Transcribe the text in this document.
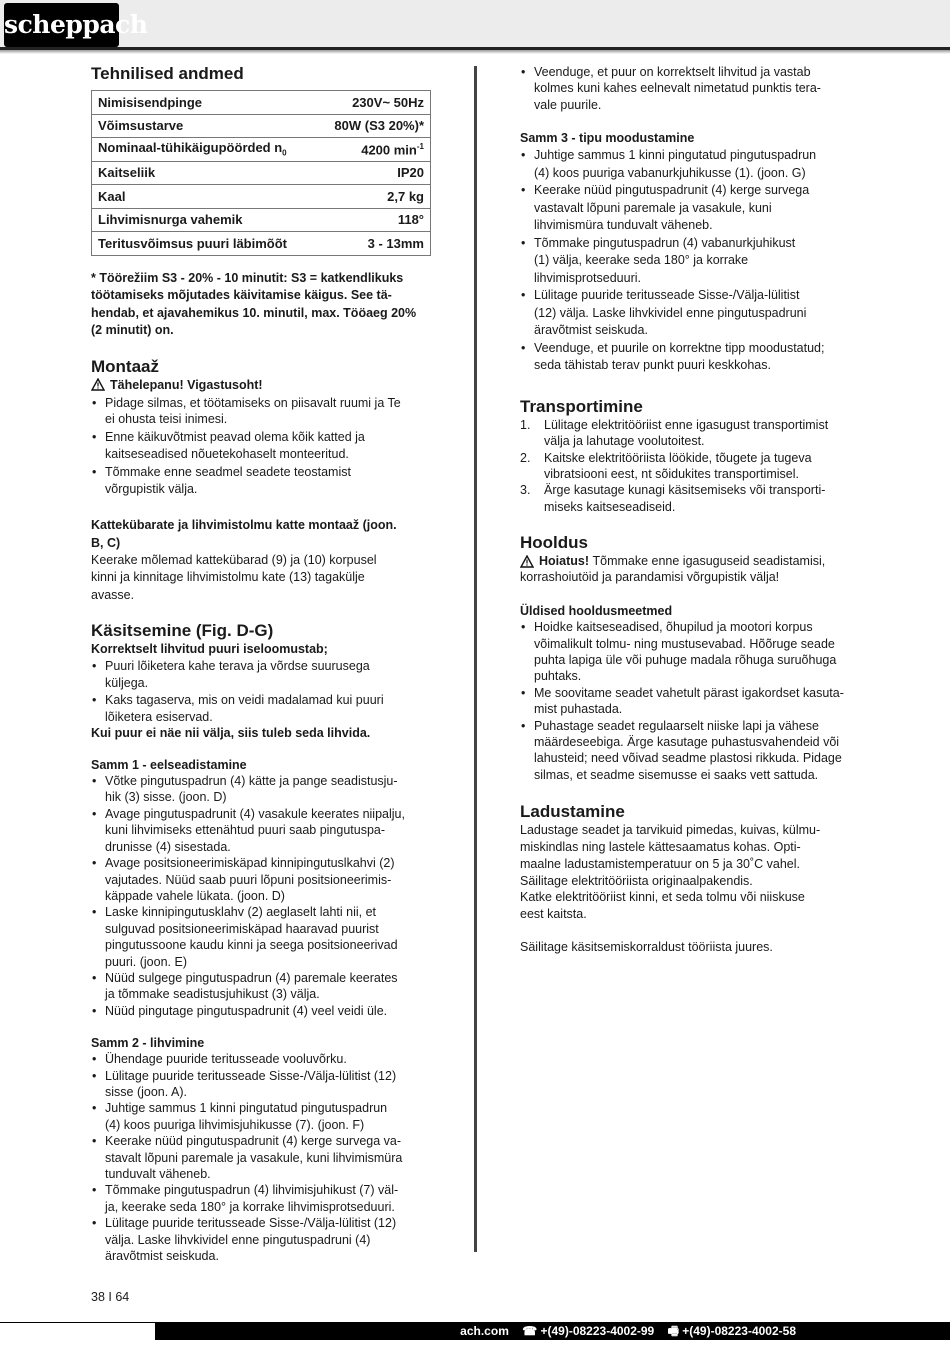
scheppach
Tehnilised andmed
Nimisisendpinge	230V~ 50Hz
Võimsustarve	80W (S3 20%)*
Nominaal-tühikäigupöörded $n_0$	4200 $\min^{-1}$
Kaitseliik	IP20
Kaal	2,7 kg
Lihvimisnurga vahemik	118°
Teritusvõimsus puuri läbimõõt	3 - 13mm
* Töörežiim S3 - 20% - 10 minutit: S3 = katkendlikuks
töötamiseks mõjutades käivitamise käigus. See tä-
hendab, et ajavahemikus 10. minutil, max. Tööaeg 20%
(2 minutit) on.
Montaaž
Tähelepanu! Vigastusoht!
• Pidage silmas, et töötamiseks on piisavalt ruumi ja Te
ei ohusta teisi inimesi.
• Enne käikuvõtmist peavad olema kõik katted ja
kaitseseadised nõuetekohaselt monteeritud.
• Tõmmake enne seadmel seadete teostamist
võrgupistik välja.
Kattekübarate ja lihvimistolmu katte montaaž (joon.
B, C)

Keerake mõlemad kattekübarad (9) ja (10) korpusel
kinni ja kinnitage lihvimistolmu kate (13) tagakülje
avasse.

Käsitsemine (Fig. D-G)
Korrektselt lihvitud puuri iseloomustab;
• Puuri lõiketera kahe terava ja võrdse suurusega
küljega.
• Kaks tagaserva, mis on veidi madalamad kui puuri
lõiketera esiservad.
Kui puur ei näe nii välja, siis tuleb seda lihvida.
Samm 1 - eelseadistamine
• Võtke pingutuspadrun (4) kätte ja pange seadistusju-
hik (3) sisse. (joon. D)
• Avage pingutuspadrunit (4) vasakule keerates niipalju,
kuni lihvimiseks ettenähtud puuri saab pingutuspa-
drunisse (4) sisestada.
• Avage positsioneerimiskäpad kinnipingutuslkahvi (2)
vajutades. Nüüd saab puuri lõpuni positsioneerimis-
käppade vahele lükata. (joon. D)
• Laske kinnipingutusklahv (2) aeglaselt lahti nii, et
sulguvad positsioneerimiskäpad haaravad puurist
pingutussoone kaudu kinni ja seega positsioneerivad
puuri. (joon. E)
• Nüüd sulgege pingutuspadrun (4) paremale keerates
ja tõmmake seadistusjuhikust (3) välja.
• Nüüd pingutage pingutuspadrunit (4) veel veidi üle.
Samm 2 - lihvimine
• Ühendage puuride teritusseade vooluvõrku.
• Lülitage puuride teritusseade Sisse-/Välja-lülitist (12)
sisse (joon. A).
• Juhtige sammus 1 kinni pingutatud pingutuspadrun
(4) koos puuriga lihvimisjuhikusse (7). (joon. F)
• Keerake nüüd pingutuspadrunit (4) kerge survega va-
stavalt lõpuni paremale ja vasakule, kuni lihvimismüra
tunduvalt väheneb.
• Tõmmake pingutuspadrun (4) lihvimisjuhikust (7) väl-
ja, keerake seda 180° ja korrake lihvimisprotseduuri.
• Lülitage puuride teritusseade Sisse-/Välja-lülitist (12)
välja. Laske lihvkividel enne pingutuspadruni (4)
äravõtmist seiskuda.
• Veenduge, et puur on korrektselt lihvitud ja vastab
kolmes kuni kahes eelnevalt nimetatud punktis tera-
vale puurile.
Samm 3 - tipu moodustamine
• Juhtige sammus 1 kinni pingutatud pingutuspadrun
(4) koos puuriga vabanurkjuhikusse (1). (joon. G)
• Keerake nüüd pingutuspadrunit (4) kerge survega
vastavalt lõpuni paremale ja vasakule, kuni
lihvimismüra tunduvalt väheneb.
• Tõmmake pingutuspadrun (4) vabanurkjuhikust
(1) välja, keerake seda 180° ja korrake
lihvimisprotseduuri.
• Lülitage puuride teritusseade Sisse-/Välja-lülitist
(12) välja. Laske lihvkividel enne pingutuspadruni
äravõtmist seiskuda.
• Veenduge, et puurile on korrektne tipp moodustatud;
seda tähistab terav punkt puuri keskkohas.
Transportimine
1. Lülitage elektritööriist enne igasugust transportimist
välja ja lahutage voolutoitest.
2. Kaitske elektritööriista löökide, tõugete ja tugeva
vibratsiooni eest, nt sõidukites transportimisel.
3. Ärge kasutage kunagi käsitsemiseks või transporti-
miseks kaitseseadiseid.
Hooldus
Hoiatus!
Tõmmake enne igasuguseid seadistamisi,
korrashoiutöid ja parandamisi võrgupistik välja!
Üldised hooldusmeetmed
• Hoidke kaitseseadised, õhupilud ja mootori korpus
võimalikult tolmu- ning mustusevabad. Hõõruge seade
puhta lapiga üle või puhuge madala rõhuga suruõhuga
puhtaks.
• Me soovitame seadet vahetult pärast igakordset kasuta-
mist puhastada.
• Puhastage seadet regulaarselt niiske lapi ja vähese
määrdeseebiga. Ärge kasutage puhastusvahendeid või
lahusteid; need võivad seadme plastosi rikkuda. Pidage
silmas, et seadme sisemusse ei saaks vett sattuda.
Ladustamine

Ladustage seadet ja tarvikuid pimedas, kuivas, külmu-
miskindlas ning lastele kättesaamatus kohas. Opti-
maalne ladustamistemperatuur on 5 ja 30˚C vahel.
Säilitage elektritööriista originaalpakendis.
Katke elektritööriist kinni, et seda tolmu või niiskuse
eest kaitsta.

Säilitage käsitsemiskorraldust tööriista juures.

38 I 64
ach.com ☎ +(49)-08223-4002-99 🖷 +(49)-08223-4002-58
